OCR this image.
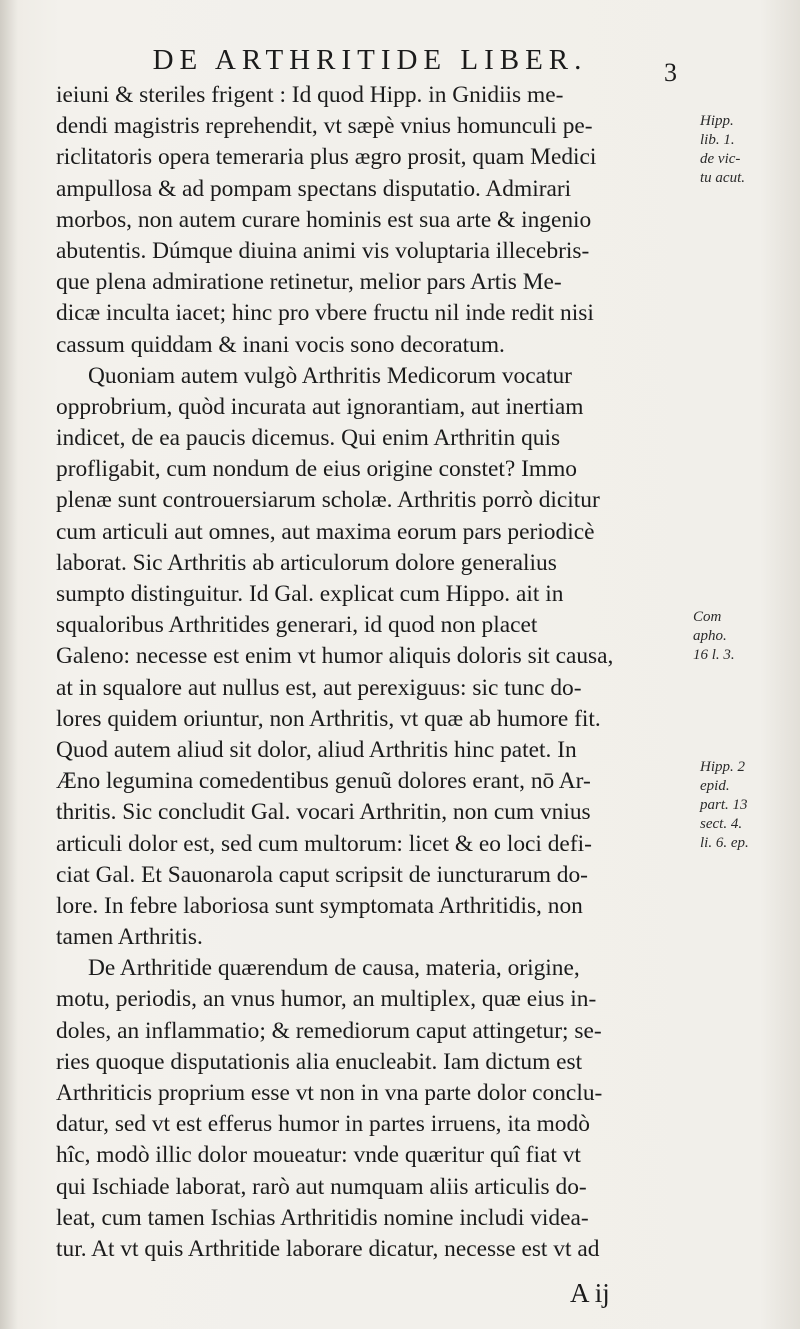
DE ARTHRITIDE LIBER.	3
ieiuni & steriles frigent : Id quod Hipp. in Gnidiis me-
dendi magistris reprehendit, vt sæpè vnius homunculi pe-
riclitatoris opera temeraria plus ægro prosit, quam Medici
ampullosa & ad pompam spectans disputatio. Admirari
morbos, non autem curare hominis est sua arte & ingenio
abutentis. Dúmque diuina animi vis voluptaria illecebris-
que plena admiratione retinetur, melior pars Artis Me-
dicæ inculta iacet; hinc pro vbere fructu nil inde redit nisi
cassum quiddam & inani vocis sono decoratum.
Quoniam autem vulgò Arthritis Medicorum vocatur
opprobrium, quòd incurata aut ignorantiam, aut inertiam
indicet, de ea paucis dicemus. Qui enim Arthritin quis
profligabit, cum nondum de eius origine constet? Immo
plenæ sunt controuersiarum scholæ. Arthritis porrò dicitur
cum articuli aut omnes, aut maxima eorum pars periodicè
laborat. Sic Arthritis ab articulorum dolore generalius
sumpto distinguitur. Id Gal. explicat cum Hippo. ait in
squaloribus Arthritides generari, id quod non placet
Galeno: necesse est enim vt humor aliquis doloris sit causa,
at in squalore aut nullus est, aut perexiguus: sic tunc do-
lores quidem oriuntur, non Arthritis, vt quæ ab humore fit.
Quod autem aliud sit dolor, aliud Arthritis hinc patet. In
Æno legumina comedentibus genuũ dolores erant, nō Ar-
thritis. Sic concludit Gal. vocari Arthritin, non cum vnius
articuli dolor est, sed cum multorum: licet & eo loci defi-
ciat Gal. Et Sauonarola caput scripsit de iuncturarum do-
lore. In febre laboriosa sunt symptomata Arthritidis, non
tamen Arthritis.
De Arthritide quærendum de causa, materia, origine,
motu, periodis, an vnus humor, an multiplex, quæ eius in-
doles, an inflammatio; & remediorum caput attingetur; se-
ries quoque disputationis alia enucleabit. Iam dictum est
Arthriticis proprium esse vt non in vna parte dolor conclu-
datur, sed vt est efferus humor in partes irruens, ita modò
hîc, modò illic dolor moueatur: vnde quæritur quî fiat vt
qui Ischiade laborat, rarò aut numquam aliis articulis do-
leat, cum tamen Ischias Arthritidis nomine includi videa-
tur. At vt quis Arthritide laborare dicatur, necesse est vt ad
Hipp.
lib. 1.
de vic-
tu acut.
Com
apho.
16 l. 3.
Hipp. 2
epid.
part. 13
sect. 4.
li. 6. ep.
A ij
